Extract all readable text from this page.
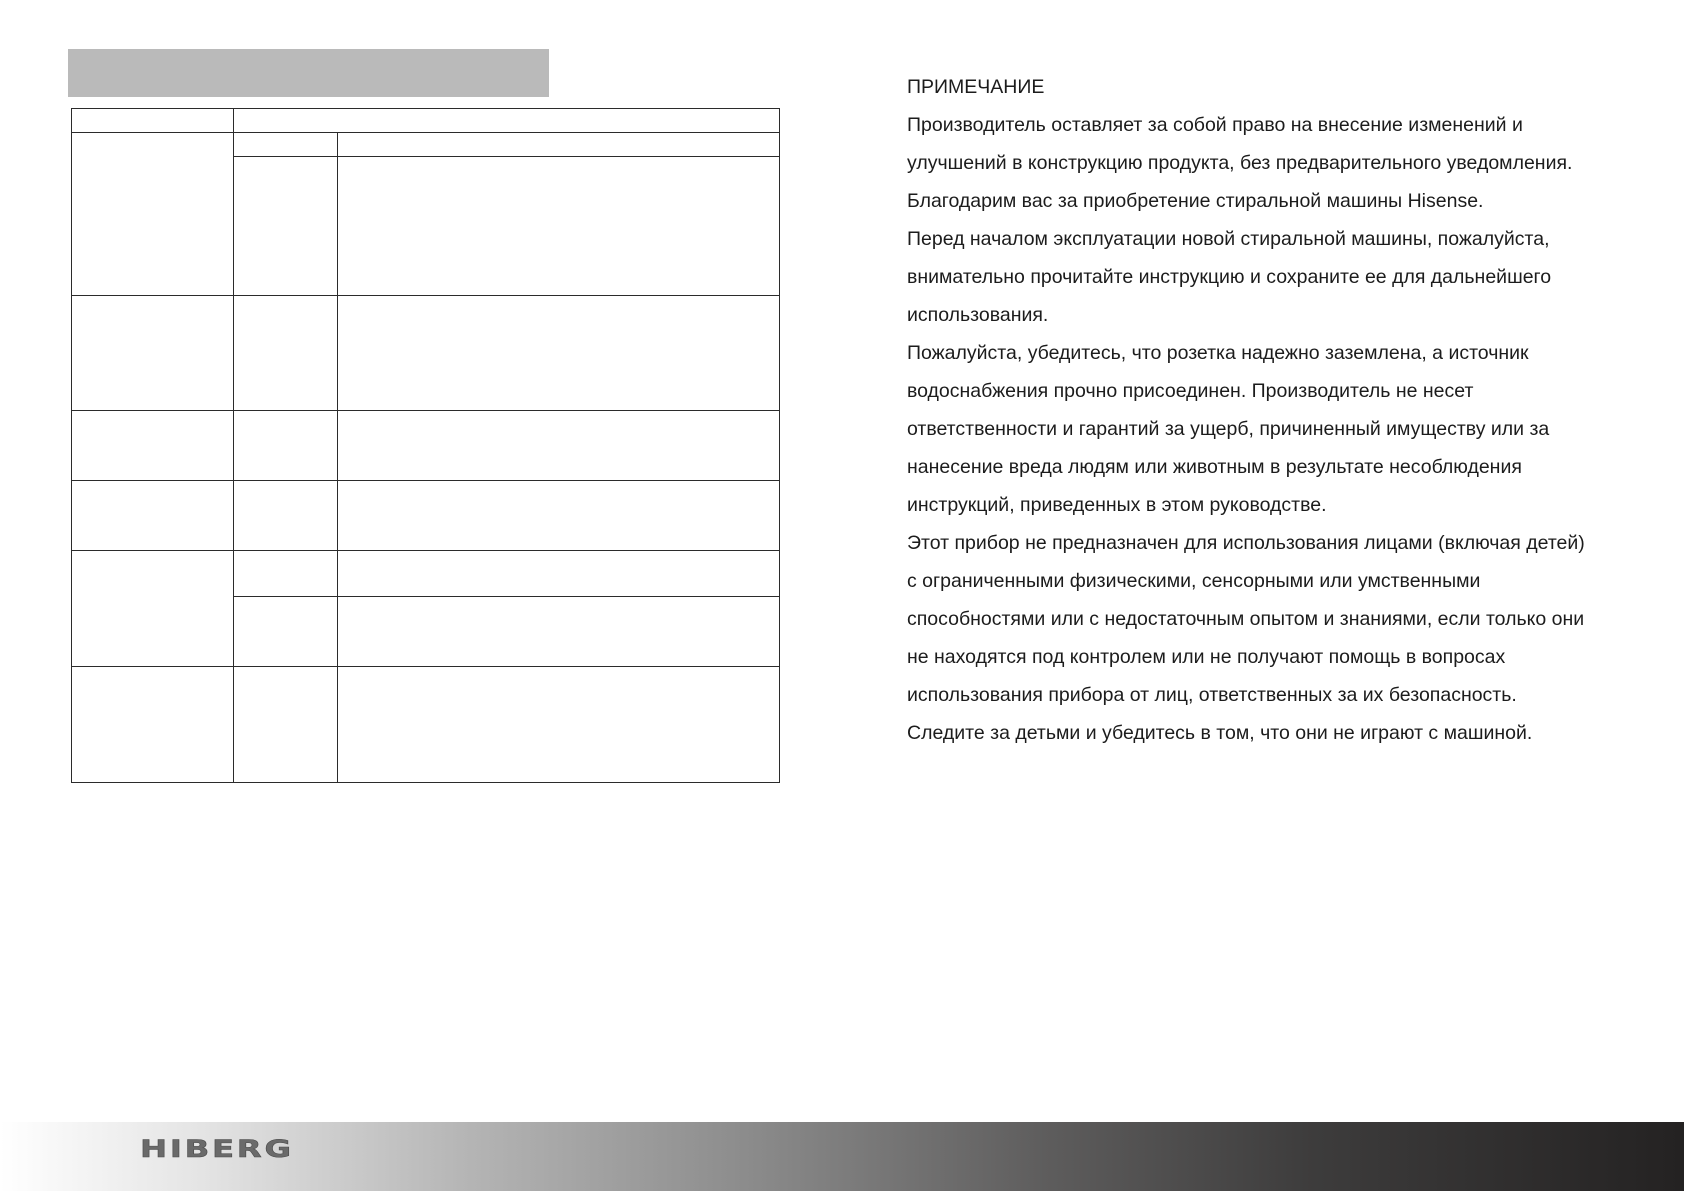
ПРИМЕЧАНИЕ

Производитель оставляет за собой право на внесение изменений и

улучшений в конструкцию продукта, без предварительного уведомления.

Благодарим вас за приобретение стиральной машины Hisense.

Перед началом эксплуатации новой стиральной машины, пожалуйста,

внимательно прочитайте инструкцию и сохраните ее для дальнейшего

использования.

Пожалуйста, убедитесь, что розетка надежно заземлена, а источник

водоснабжения прочно присоединен. Производитель не несет

ответственности и гарантий за ущерб, причиненный имуществу или за

нанесение вреда людям или животным в результате несоблюдения

инструкций, приведенных в этом руководстве.

Этот прибор не предназначен для использования лицами (включая детей)

с ограниченными физическими, сенсорными или умственными

способностями или с недостаточным опытом и знаниями, если только они

не находятся под контролем или не получают помощь в вопросах

использования прибора от лиц, ответственных за их безопасность.

Следите за детьми и убедитесь в том, что они не играют с машиной.

HIBERG
